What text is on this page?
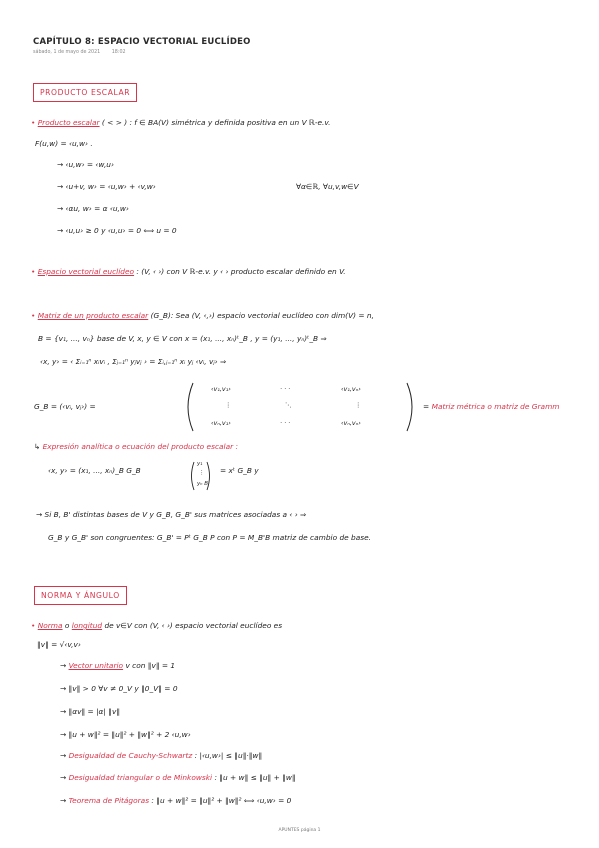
CAPÍTULO 8: ESPACIO VECTORIAL EUCLÍDEO
sábado, 1 de mayo de 2021 18:02
PRODUCTO ESCALAR
• Producto escalar ( < > ) : f ∈ BA(V) simétrica y definida positiva en un V ℝ-e.v.
F(u,w) = ‹u,w› .
→ ‹u,w› = ‹w,u›
→ ‹u+v, w› = ‹u,w› + ‹v,w›	∀α∈ℝ, ∀u,v,w∈V
→ ‹αu, w› = α ‹u,w›
→ ‹u,u› ≥ 0 y ‹u,u› = 0 ⟺ u = 0
• Espacio vectorial euclídeo : (V, ‹ ›) con V ℝ-e.v. y ‹ › producto escalar definido en V.
• Matriz de un producto escalar (G_B): Sea (V, ‹,›) espacio vectorial euclídeo con dim(V) = n,
B = {v₁, ..., vₙ} base de V, x, y ∈ V con x = (x₁, ..., xₙ)ᵗ_B , y = (y₁, ..., yₙ)ᵗ_B ⇒
‹x, y› = ‹ Σᵢ₌₁ⁿ xᵢvᵢ , Σⱼ₌₁ⁿ yⱼvⱼ › = Σᵢ,ⱼ₌₁ⁿ xᵢ yⱼ ‹vᵢ, vⱼ› ⇒
G_B = (‹vᵢ, vⱼ›) =
‹v₁,v₁›	· · ·	‹v₁,vₙ›
⋮	⋱	⋮
‹vₙ,v₁›	· · ·	‹vₙ,vₙ›
= Matriz métrica o matriz de Gramm
↳ Expresión analítica o ecuación del producto escalar :
‹x, y› = (x₁, ..., xₙ)_B G_B
y₁
⋮
yₙ B
= xᵗ G_B y
→ Si B, B' distintas bases de V y G_B, G_B' sus matrices asociadas a ‹ › ⇒
G_B y G_B' son congruentes: G_B' = Pᵗ G_B P con P = M_B'B matriz de cambio de base.
NORMA Y ÁNGULO
• Norma o longitud de v∈V con (V, ‹ ›) espacio vectorial euclídeo es
‖v‖ = √‹v,v›
→ Vector unitario v con ‖v‖ = 1
→ ‖v‖ > 0 ∀v ≠ 0_V y ‖0_V‖ = 0
→ ‖αv‖ = |α| ‖v‖
→ ‖u + w‖² = ‖u‖² + ‖w‖² + 2 ‹u,w›
→ Desigualdad de Cauchy-Schwartz : |‹u,w›| ≤ ‖u‖·‖w‖
→ Desigualdad triangular o de Minkowski : ‖u + w‖ ≤ ‖u‖ + ‖w‖
→ Teorema de Pitágoras : ‖u + w‖² = ‖u‖² + ‖w‖² ⟺ ‹u,w› = 0
APUNTES página 1
